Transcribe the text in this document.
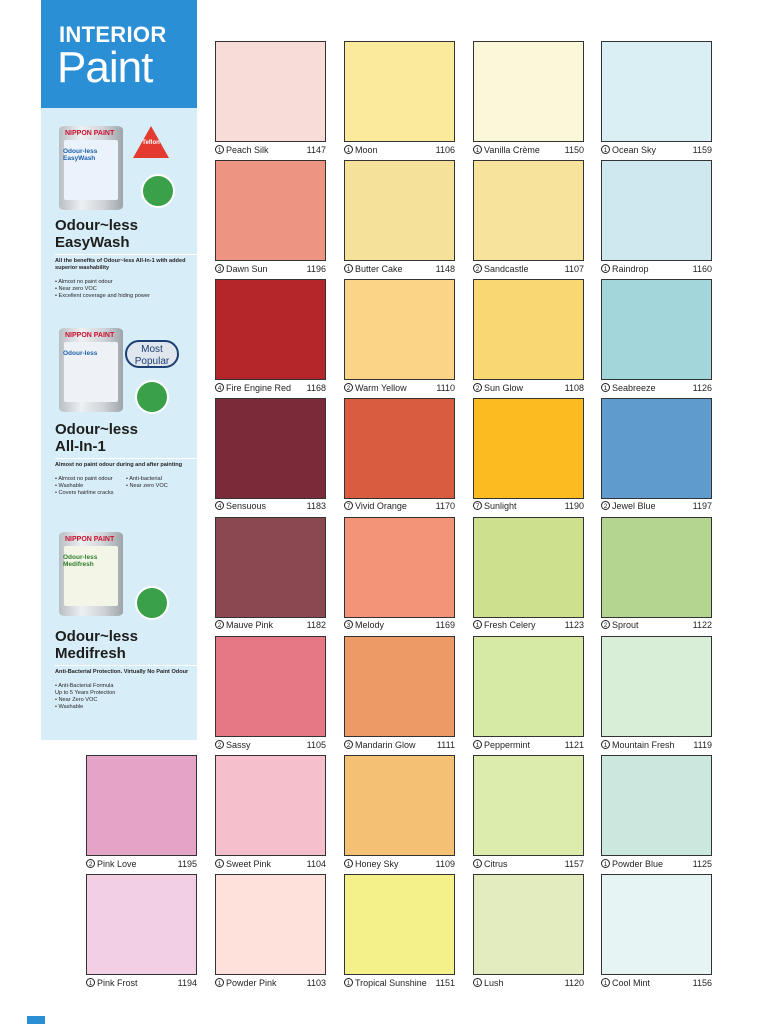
INTERIOR
Paint
NIPPON PAINT
Odour-less EasyWash
Teflon
Odour~less
EasyWash
All the benefits of Odour~less All-In-1 with added superior washability
• Almost no paint odour
• Near zero VOC
• Excellent coverage and hiding power
NIPPON PAINT
Odour-less	Most Popular
Odour~less
All-In-1
Almost no paint odour during and after painting
• Almost no paint odour
• Washable
• Covers hairline cracks
• Anti-bacterial
• Near zero VOC
NIPPON PAINT
Odour-less Medifresh
Odour~less
Medifresh
Anti-Bacterial Protection. Virtually No Paint Odour
• Anti-Bacterial Formula
Up to 5 Years Protection
• Near Zero VOC
• Washable
1 Peach Silk	1147	1 Moon	1106	1 Vanilla Crème	1150	1 Ocean Sky	1159
3 Dawn Sun	1196	1 Butter Cake	1148	2 Sandcastle	1107	1 Raindrop	1160
4 Fire Engine Red 1168	2 Warm Yellow	1110	2 Sun Glow	1108	1 Seabreeze	1126
4 Sensuous	1183	7 Vivid Orange	1170	7 Sunlight	1190	2 Jewel Blue	1197
2 Mauve Pink	1182	3 Melody	1169	1 Fresh Celery	1123	2 Sprout	1122
2 Sassy	1105	2 Mandarin Glow 1111	1 Peppermint	1121	1 Mountain Fresh 1119
2 Pink Love	1195	1 Sweet Pink	1104	1 Honey Sky	1109	1 Citrus	1157	1 Powder Blue	1125
1 Pink Frost	1194	1 Powder Pink	1103	1 Tropical Sunshine 1151	1 Lush	1120	1 Cool Mint	1156
